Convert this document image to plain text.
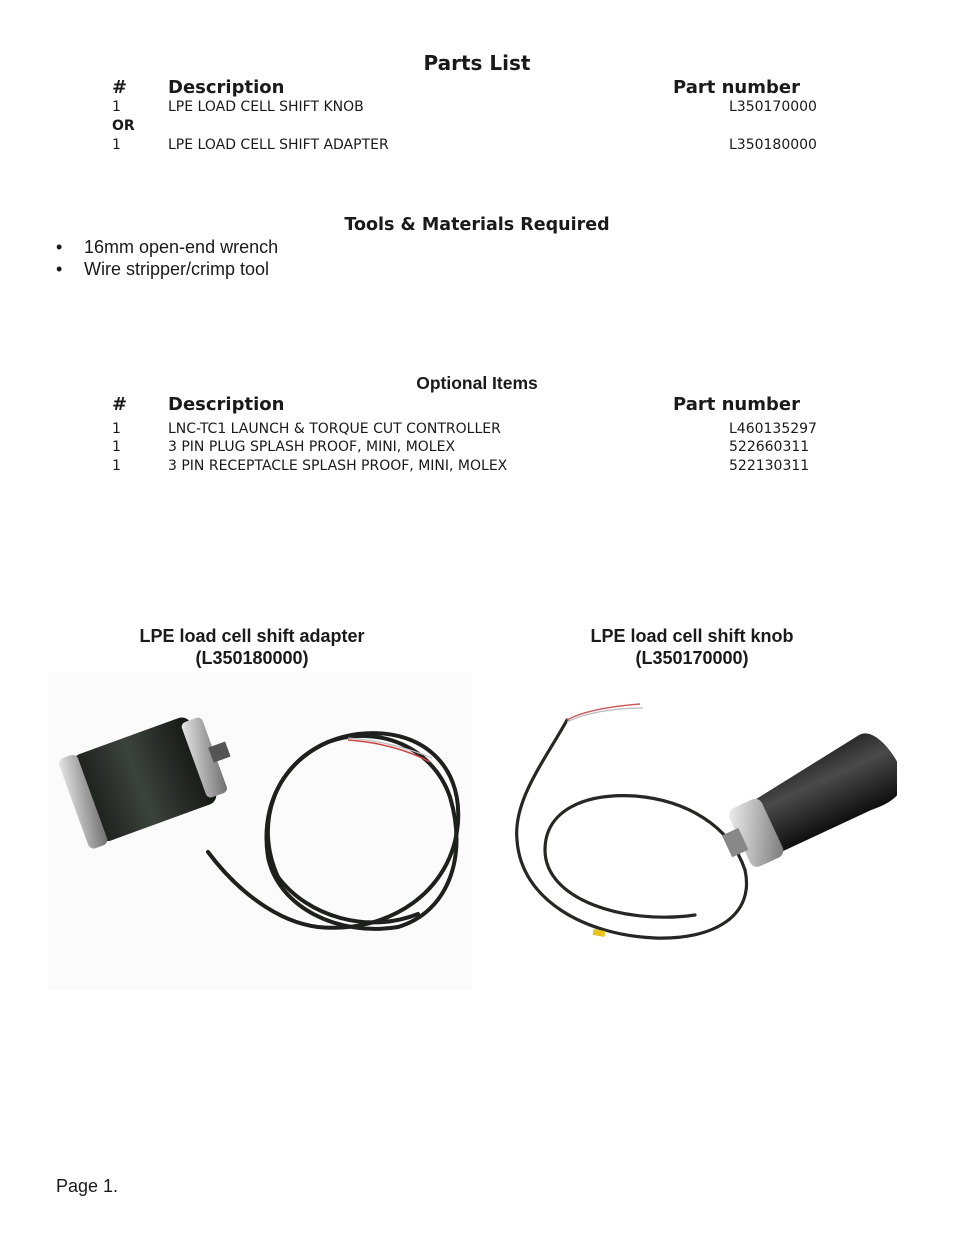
Parts List
# Description	Part number
1	LPE LOAD CELL SHIFT KNOB	L350170000
OR
1	LPE LOAD CELL SHIFT ADAPTER	L350180000
Tools & Materials Required
• 16mm open-end wrench
• Wire stripper/crimp tool
Optional Items
# Description	Part number
1	LNC-TC1 LAUNCH & TORQUE CUT CONTROLLER	L460135297
1	3 PIN PLUG SPLASH PROOF, MINI, MOLEX	522660311
1	3 PIN RECEPTACLE SPLASH PROOF, MINI, MOLEX	522130311
LPE load cell shift adapter
(L350180000)
LPE load cell shift knob
(L350170000)
Page 1.
